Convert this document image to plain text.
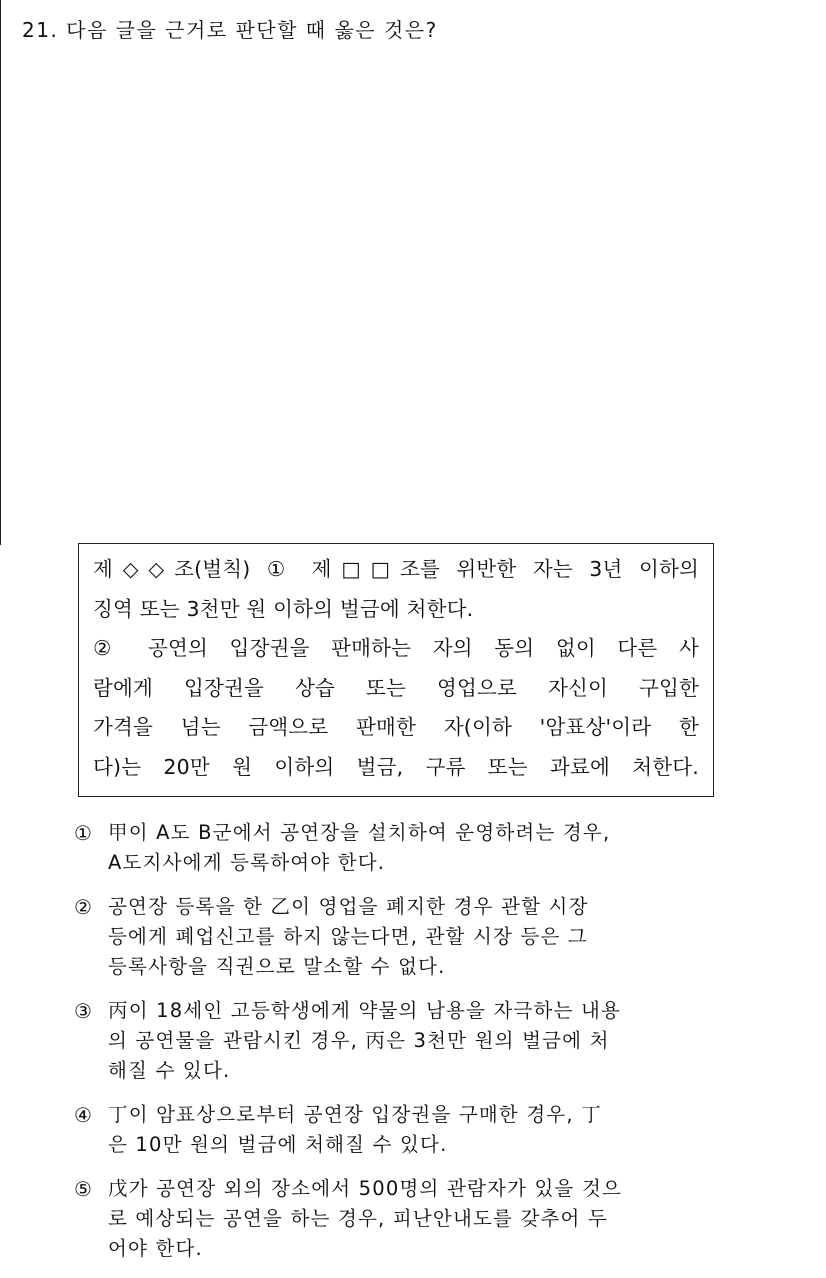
21. 다음 글을 근거로 판단할 때 옳은 것은?
제◇◇조(벌칙) ① 제□□조를 위반한 자는 3년 이하의
징역 또는 3천만 원 이하의 벌금에 처한다.
② 공연의 입장권을 판매하는 자의 동의 없이 다른 사
람에게 입장권을 상습 또는 영업으로 자신이 구입한
가격을 넘는 금액으로 판매한 자(이하 '암표상'이라 한
다)는 20만 원 이하의 벌금, 구류 또는 과료에 처한다.
① 甲이 A도 B군에서 공연장을 설치하여 운영하려는 경우,
A도지사에게 등록하여야 한다.
② 공연장 등록을 한 乙이 영업을 폐지한 경우 관할 시장
등에게 폐업신고를 하지 않는다면, 관할 시장 등은 그
등록사항을 직권으로 말소할 수 없다.
③ 丙이 18세인 고등학생에게 약물의 남용을 자극하는 내용
의 공연물을 관람시킨 경우, 丙은 3천만 원의 벌금에 처
해질 수 있다.
④ 丁이 암표상으로부터 공연장 입장권을 구매한 경우, 丁
은 10만 원의 벌금에 처해질 수 있다.
⑤ 戊가 공연장 외의 장소에서 500명의 관람자가 있을 것으
로 예상되는 공연을 하는 경우, 피난안내도를 갖추어 두
어야 한다.
